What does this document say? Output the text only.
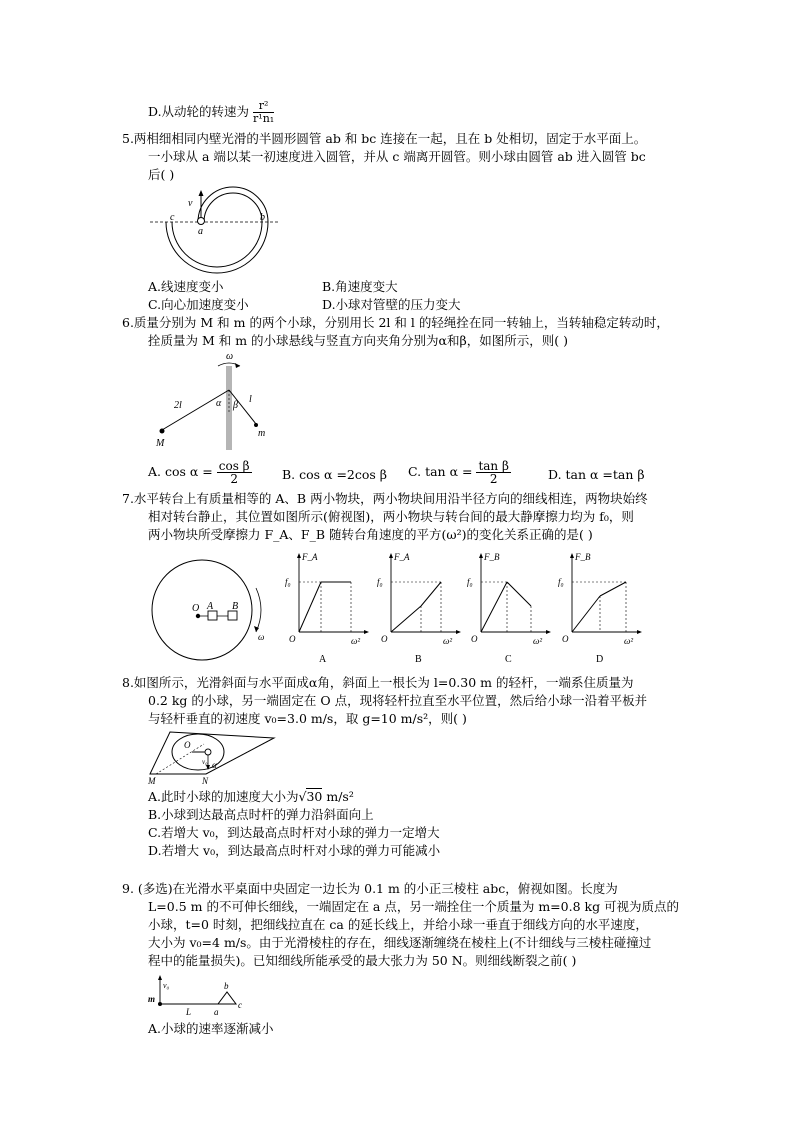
D.从动轮的转速为 $\frac{\text{r²}}{\text{r¹n₁}}$
5.两相细相同内壁光滑的半圆形圆管 ab 和 bc 连接在一起，且在 b 处相切，固定于水平面上。
一小球从 a 端以某一初速度进入圆管，并从 c 端离开圆管。则小球由圆管 ab 进入圆管 bc
后( )
v
c
a
b
A.线速度变小	B.角速度变大
C.向心加速度变小	D.小球对管壁的压力变大
6.质量分别为 M 和 m 的两个小球，分别用长 2l 和 l 的轻绳拴在同一转轴上，当转轴稳定转动时，
拴质量为 M 和 m 的小球悬线与竖直方向夹角分别为α和β，如图所示，则( )
ω
2l
l
α β
M
m
A. $\cos \alpha = \frac{\text{cos β}}{2} B$. cos α =2cos β C. $\tan \alpha = \frac{\text{tan β}}{2}$	D. tan α =tan β
7.水平转台上有质量相等的 A、B 两小物块，两小物块间用沿半径方向的细线相连，两物块始终
相对转台静止，其位置如图所示(俯视图)，两小物块与转台间的最大静摩擦力均为 f₀，则
两小物块所受摩擦力 F_A、F_B 随转台角速度的平方(ω²)的变化关系正确的是( )
O A B
ω
F_A
f₀
O	ω²
A
F_A
f₀
O	ω²
B
F_B
f₀
O	ω²
C
F_B
f₀
O	ω²
D
8.如图所示，光滑斜面与水平面成α角，斜面上一根长为 l=0.30 m 的轻杆，一端系住质量为
0.2 kg 的小球，另一端固定在 O 点，现将轻杆拉直至水平位置，然后给小球一沿着平板并
与轻杆垂直的初速度 v₀=3.0 m/s，取 g=10 m/s²，则( )
O
v₀ α
M	N
A.此时小球的加速度大小为√30 m/s²
B.小球到达最高点时杆的弹力沿斜面向上
C.若增大 v₀，到达最高点时杆对小球的弹力一定增大
D.若增大 v₀，到达最高点时杆对小球的弹力可能减小
9. (多选)在光滑水平桌面中央固定一边长为 0.1 m 的小正三棱柱 abc，俯视如图。长度为
L=0.5 m 的不可伸长细线，一端固定在 a 点，另一端拴住一个质量为 m=0.8 kg 可视为质点的
小球，t=0 时刻，把细线拉直在 ca 的延长线上，并给小球一垂直于细线方向的水平速度，
大小为 v₀=4 m/s。由于光滑棱柱的存在，细线逐渐缠绕在棱柱上(不计细线与三棱柱碰撞过
程中的能量损失)。已知细线所能承受的最大张力为 50 N。则细线断裂之前( )
v₀
m
L	a
b
c
A.小球的速率逐渐减小
